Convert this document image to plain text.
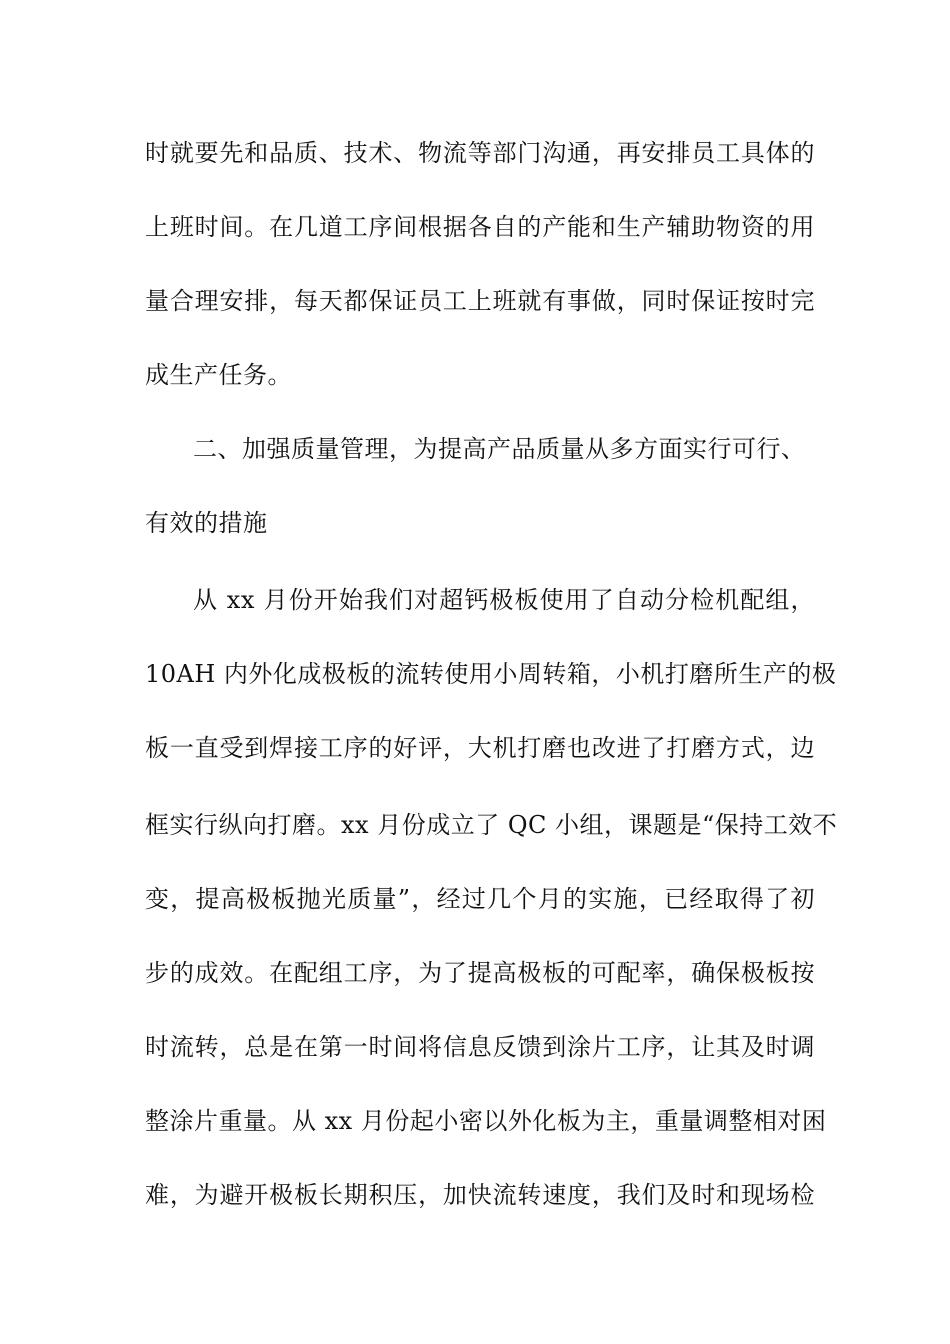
时就要先和品质、技术、物流等部门沟通，再安排员工具体的
上班时间。在几道工序间根据各自的产能和生产辅助物资的用
量合理安排，每天都保证员工上班就有事做，同时保证按时完
成生产任务。
二、加强质量管理，为提高产品质量从多方面实行可行、
有效的措施
从 xx 月份开始我们对超钙极板使用了自动分检机配组，
10AH 内外化成极板的流转使用小周转箱，小机打磨所生产的极
板一直受到焊接工序的好评，大机打磨也改进了打磨方式，边
框实行纵向打磨。xx 月份成立了 QC 小组，课题是“保持工效不
变，提高极板抛光质量”，经过几个月的实施，已经取得了初
步的成效。在配组工序，为了提高极板的可配率，确保极板按
时流转，总是在第一时间将信息反馈到涂片工序，让其及时调
整涂片重量。从 xx 月份起小密以外化板为主，重量调整相对困
难，为避开极板长期积压，加快流转速度，我们及时和现场检
